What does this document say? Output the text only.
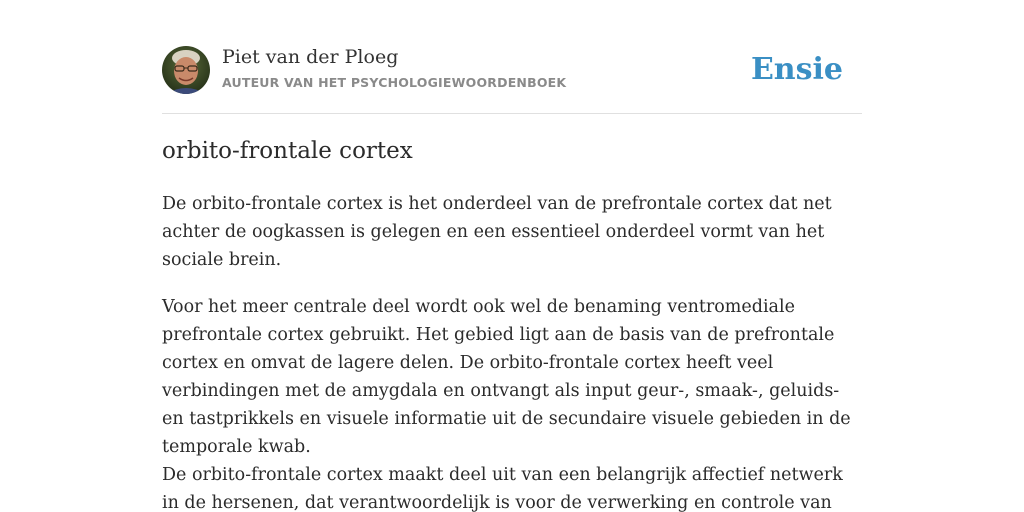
Piet van der Ploeg
AUTEUR VAN HET PSYCHOLOGIEWOORDENBOEK	Ensie
orbito-frontale cortex

De orbito-frontale cortex is het onderdeel van de prefrontale cortex dat net achter de oogkassen is gelegen en een essentieel onderdeel vormt van het sociale brein.

Voor het meer centrale deel wordt ook wel de benaming ventromediale prefrontale cortex gebruikt. Het gebied ligt aan de basis van de prefrontale cortex en omvat de lagere delen. De orbito-frontale cortex heeft veel verbindingen met de amygdala en ontvangt als input geur-, smaak-, geluids- en tastprikkels en visuele informatie uit de secundaire visuele gebieden in de temporale kwab.

De orbito-frontale cortex maakt deel uit van een belangrijk affectief netwerk in de hersenen, dat verantwoordelijk is voor de verwerking en controle van
